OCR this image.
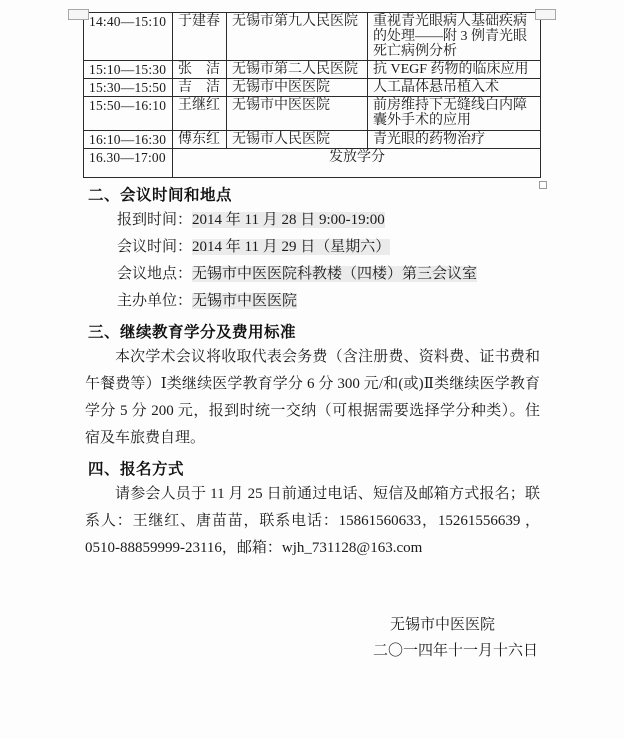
14:40—15:10	于建春	无锡市第九人民医院	重视青光眼病人基础疾病的处理——附 3 例青光眼死亡病例分析
15:10—15:30	张　洁	无锡市第二人民医院	抗 VEGF 药物的临床应用
15:30—15:50	吉　洁	无锡市中医医院	人工晶体悬吊植入术
15:50—16:10	王继红	无锡市中医医院	前房维持下无缝线白内障囊外手术的应用
16:10—16:30	傅东红	无锡市人民医院	青光眼的药物治疗
16.30—17:00	发放学分		
二、会议时间和地点
报到时间：2014 年 11 月 28 日 9:00-19:00
会议时间：2014 年 11 月 29 日（星期六）
会议地点：无锡市中医医院科教楼（四楼）第三会议室
主办单位：无锡市中医医院
三、继续教育学分及费用标准

本次学术会议将收取代表会务费（含注册费、资料费、证书费和午餐费等）Ⅰ类继续医学教育学分 6 分 300 元/和(或)Ⅱ类继续医学教育学分 5 分 200 元，报到时统一交纳（可根据需要选择学分种类）。住宿及车旅费自理。

四、报名方式

请参会人员于 11 月 25 日前通过电话、短信及邮箱方式报名；联系人：王继红、唐苗苗，联系电话：15861560633，15261556639 ，0510-88859999-23116，邮箱：wjh_731128@163.com

无锡市中医医院
二〇一四年十一月十六日
